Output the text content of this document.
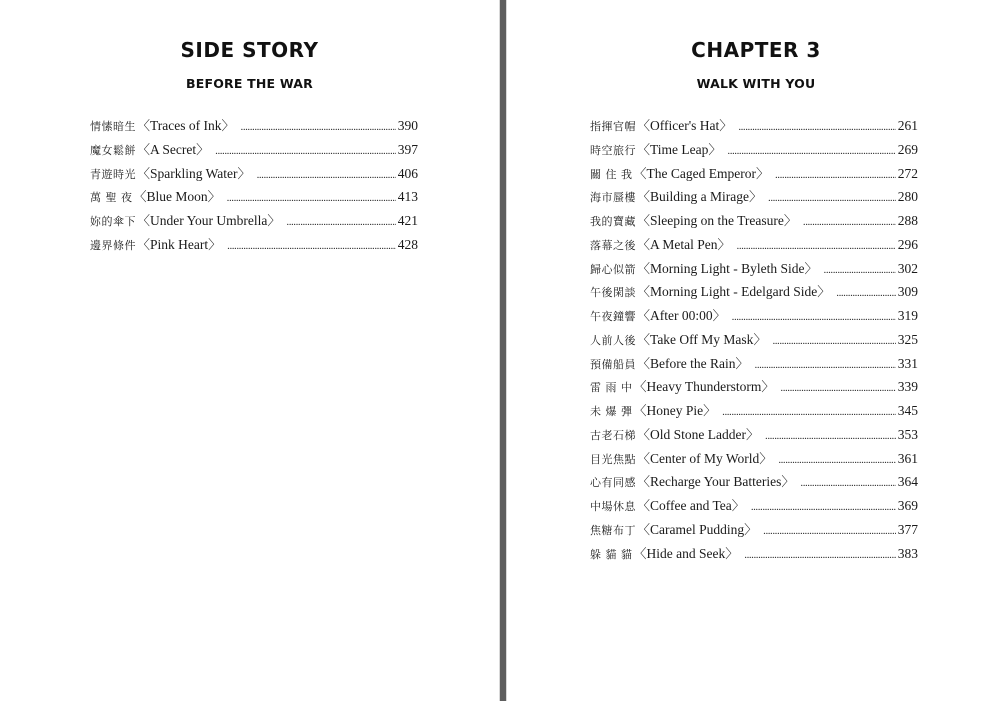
SIDE STORY
BEFORE THE WAR
情愫暗生 〈 Traces of Ink 〉 . . .	390
魔女鬆餅 〈 A Secret 〉 . . .	397
青遊時光 〈 Sparkling Water 〉 . . .	406
萬 聖 夜 〈 Blue Moon 〉 . . .	413
妳的傘下 〈 Under Your Umbrella 〉 . . .	421
邊界條件 〈 Pink Heart 〉 . . .	428
CHAPTER 3
WALK WITH YOU
指揮官帽 〈 Officer's Hat 〉 . . .	261
時空旅行 〈 Time Leap 〉 . . .	269
關 住 我 〈 The Caged Emperor 〉 . . .	272
海市蜃樓 〈 Building a Mirage 〉 . . .	280
我的寶藏 〈 Sleeping on the Treasure 〉 . . .	288
落幕之後 〈 A Metal Pen 〉 . . .	296
歸心似箭 〈 Morning Light - Byleth Side 〉 . . .	302
午後閑談 〈 Morning Light - Edelgard Side 〉 . . .	309
午夜鐘響 〈 After 00:00 〉 . . .	319
人前人後 〈 Take Off My Mask 〉 . . .	325
預備船員 〈 Before the Rain 〉 . . .	331
雷 雨 中 〈 Heavy Thunderstorm 〉 . . .	339
未 爆 彈 〈 Honey Pie 〉 . . .	345
古老石梯 〈 Old Stone Ladder 〉 . . .	353
目光焦點 〈 Center of My World 〉 . . .	361
心有同感 〈 Recharge Your Batteries 〉 . . .	364
中場休息 〈 Coffee and Tea 〉 . . .	369
焦糖布丁 〈 Caramel Pudding 〉 . . .	377
躲 貓 貓 〈 Hide and Seek 〉 . . .	383
